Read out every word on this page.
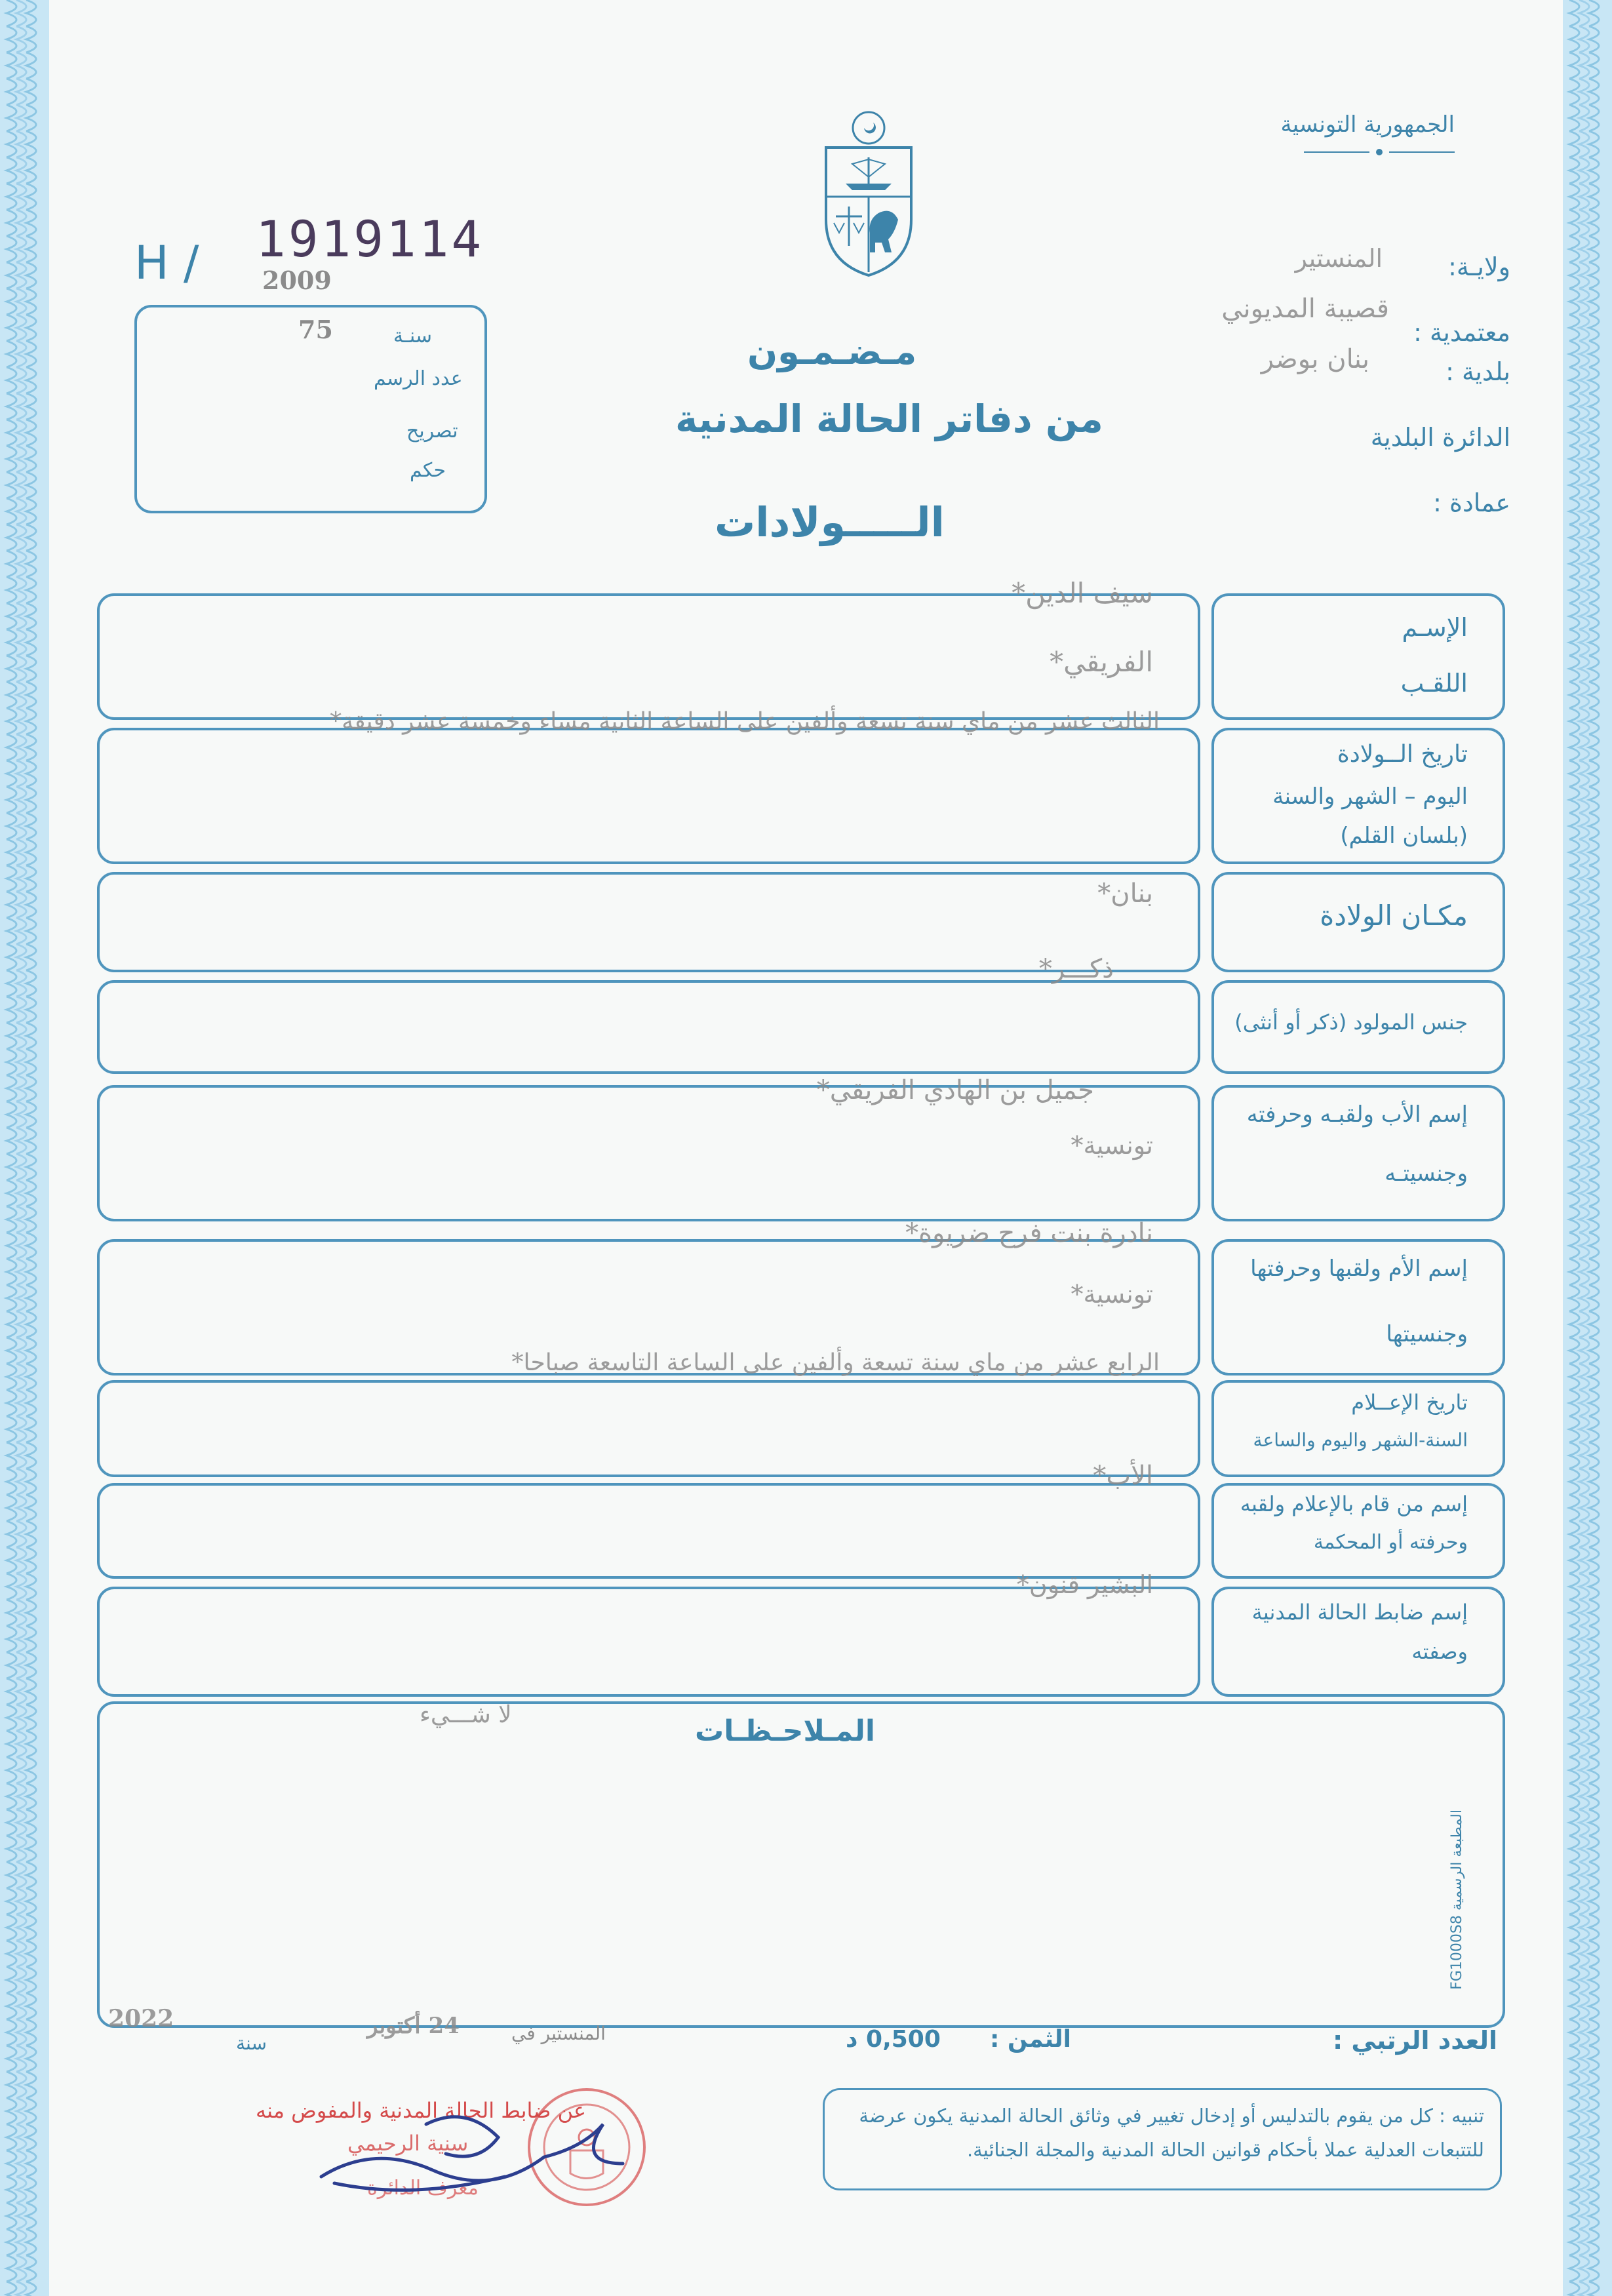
الجمهورية التونسية
ولايـة:
المنستير
معتمدية :
قصيبة المديوني
بلدية :
بنان بوضر
الدائرة البلدية
عمادة :
H / 1919114
2009
سنـة
75
عدد الرسم
تصريح
حكم
مـضـمـون
من دفاتر الحالة المدنية
الـــــولادات
الإسـم
اللقـب
سيف الدين*
الفريقي*
تاريخ الــولادة
اليوم – الشهر والسنة
(بلسان القلم)
الثالث عشر من ماي سنة تسعة وألفين على الساعة الثانية مساء وخمسة عشر دقيقة*
مكـان الولادة
بنان*
جنس المولود (ذكر أو أنثى)
ذكـــر*
إسم الأب ولقبـه وحرفته
وجنسيتـه
جميل بن الهادي الفريقي*
تونسية*
إسم الأم ولقبها وحرفتها
وجنسيتها
نادرة بنت فرج ضريوة*
تونسية*
تاريخ الإعــلام
السنة-الشهر واليوم والساعة
الرابع عشر من ماي سنة تسعة وألفين على الساعة التاسعة صباحا*
إسم من قام بالإعلام ولقبه
وحرفته أو المحكمة
الأب*
إسم ضابط الحالة المدنية
وصفته
البشير قنون*
المـلاحـظـات
لا شـــيء
المطبعة الرسمية FG1000S8
العدد الرتبي :
الثمن :
0,500 د
المنستير في
24 أكتوبر
سنة
2022
تنبيه : كل من يقوم بالتدليس أو إدخال تغيير في وثائق الحالة المدنية يكون عرضة
للتتبعات العدلية عملا بأحكام قوانين الحالة المدنية والمجلة الجنائية.
عن ضابط الحالة المدنية والمفوض منه
سنية الرحيمي
معرف الدائرة
